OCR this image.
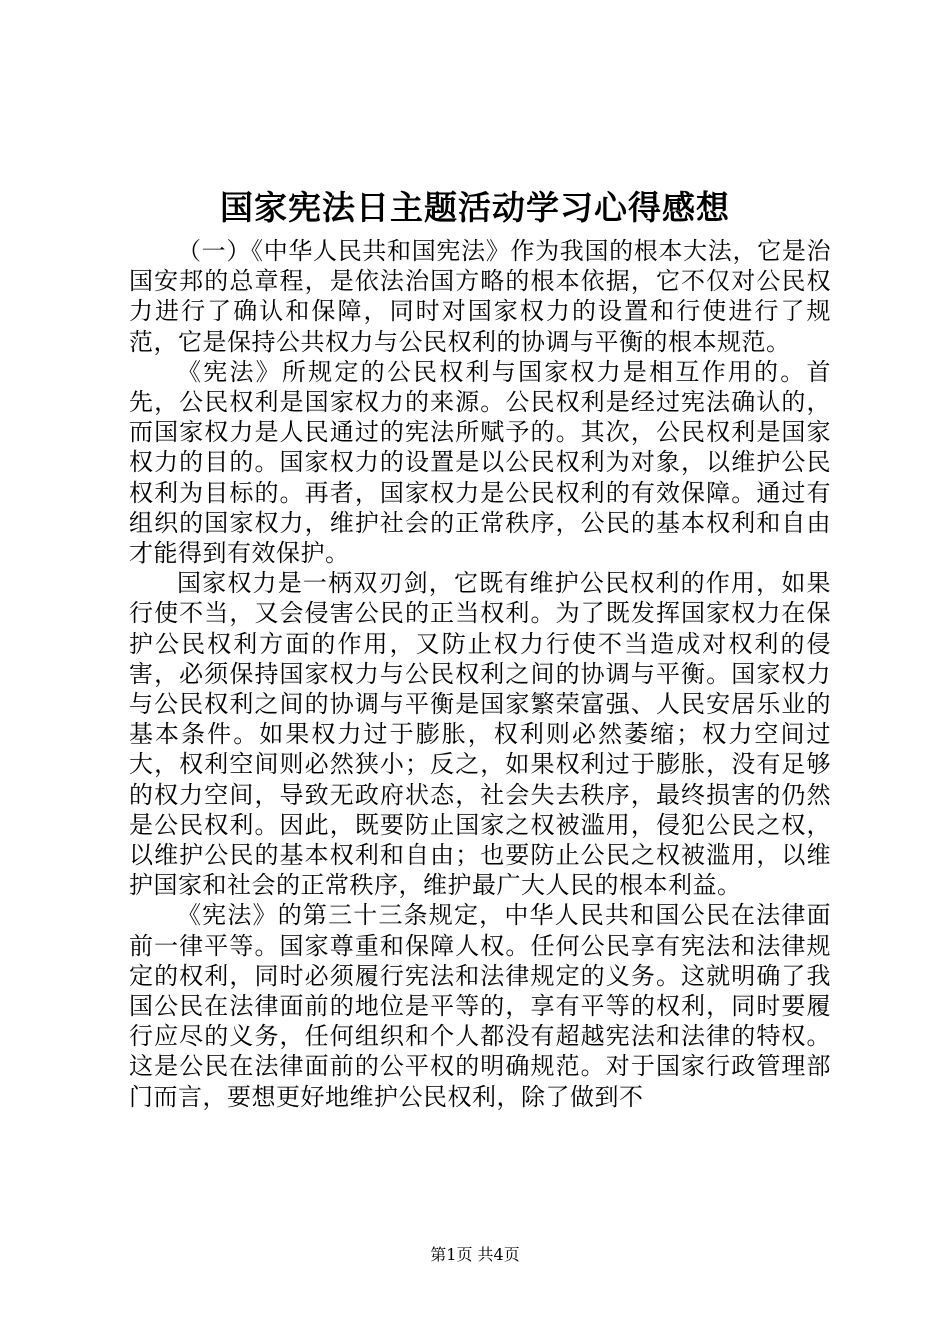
国家宪法日主题活动学习心得感想

（一）《中华人民共和国宪法》作为我国的根本大法，它是治国安邦的总章程，是依法治国方略的根本依据，它不仅对公民权力进行了确认和保障，同时对国家权力的设置和行使进行了规范，它是保持公共权力与公民权利的协调与平衡的根本规范。

《宪法》所规定的公民权利与国家权力是相互作用的。首先，公民权利是国家权力的来源。公民权利是经过宪法确认的，而国家权力是人民通过的宪法所赋予的。其次，公民权利是国家权力的目的。国家权力的设置是以公民权利为对象，以维护公民权利为目标的。再者，国家权力是公民权利的有效保障。通过有组织的国家权力，维护社会的正常秩序，公民的基本权利和自由才能得到有效保护。

国家权力是一柄双刃剑，它既有维护公民权利的作用，如果行使不当，又会侵害公民的正当权利。为了既发挥国家权力在保护公民权利方面的作用，又防止权力行使不当造成对权利的侵害，必须保持国家权力与公民权利之间的协调与平衡。国家权力与公民权利之间的协调与平衡是国家繁荣富强、人民安居乐业的基本条件。如果权力过于膨胀，权利则必然萎缩；权力空间过大，权利空间则必然狭小；反之，如果权利过于膨胀，没有足够的权力空间，导致无政府状态，社会失去秩序，最终损害的仍然是公民权利。因此，既要防止国家之权被滥用，侵犯公民之权，以维护公民的基本权利和自由；也要防止公民之权被滥用，以维护国家和社会的正常秩序，维护最广大人民的根本利益。

《宪法》的第三十三条规定，中华人民共和国公民在法律面前一律平等。国家尊重和保障人权。任何公民享有宪法和法律规定的权利，同时必须履行宪法和法律规定的义务。这就明确了我国公民在法律面前的地位是平等的，享有平等的权利，同时要履行应尽的义务，任何组织和个人都没有超越宪法和法律的特权。这是公民在法律面前的公平权的明确规范。对于国家行政管理部门而言，要想更好地维护公民权利，除了做到不

第1页 共4页
